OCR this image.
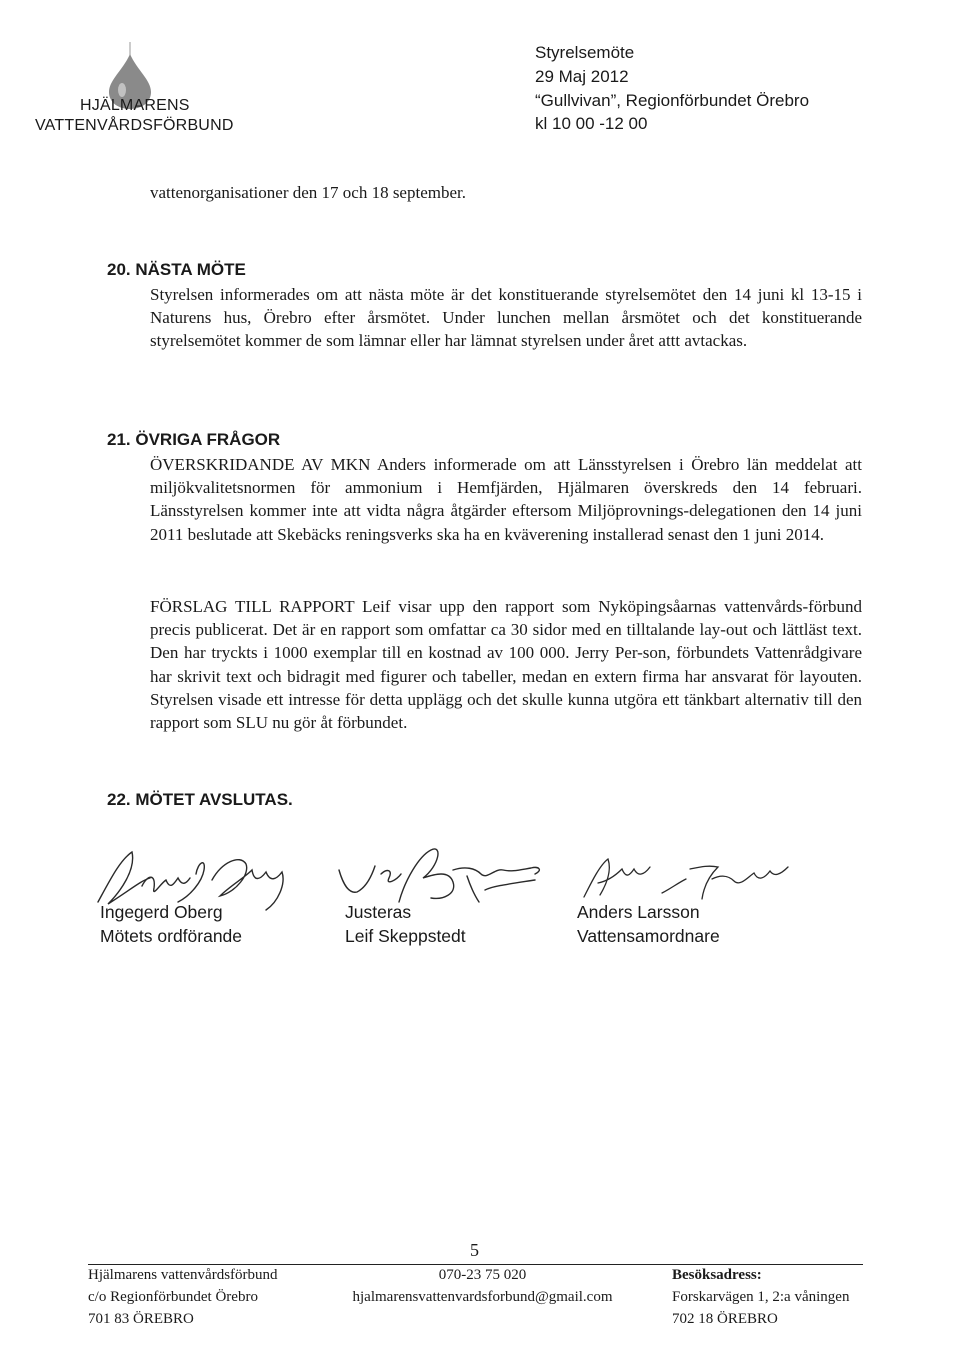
HJÄLMARENS
VATTENVÅRDSFÖRBUND
Styrelsemöte
29 Maj 2012
“Gullvivan”, Regionförbundet Örebro
kl 10 00 -12 00
vattenorganisationer den 17 och 18 september.
20. NÄSTA MÖTE
Styrelsen informerades om att nästa möte är det konstituerande styrelsemötet den 14 juni kl 13-15 i Naturens hus, Örebro efter årsmötet. Under lunchen mellan årsmötet och det konstituerande styrelsemötet kommer de som lämnar eller har lämnat styrelsen under året attt avtackas.
21. ÖVRIGA FRÅGOR
ÖVERSKRIDANDE AV MKN Anders informerade om att Länsstyrelsen i Örebro län meddelat att miljökvalitetsnormen för ammonium i Hemfjärden, Hjälmaren överskreds den 14 februari. Länsstyrelsen kommer inte att vidta några åtgärder eftersom Miljöprovnings-delegationen den 14 juni 2011 beslutade att Skebäcks reningsverks ska ha en kväverening installerad senast den 1 juni 2014.
FÖRSLAG TILL RAPPORT Leif visar upp den rapport som Nyköpingsåarnas vattenvårds-förbund precis publicerat. Det är en rapport som omfattar ca 30 sidor med en tilltalande lay-out och lättläst text. Den har tryckts i 1000 exemplar till en kostnad av 100 000. Jerry Per-son, förbundets Vattenrådgivare har skrivit text och bidragit med figurer och tabeller, medan en extern firma har ansvarat för layouten. Styrelsen visade ett intresse för detta upplägg och det skulle kunna utgöra ett tänkbart alternativ till den rapport som SLU nu gör åt förbundet.
22. MÖTET AVSLUTAS.
Ingegerd Oberg
Mötets ordförande
Justeras
Leif Skeppstedt
Anders Larsson
Vattensamordnare
5
Hjälmarens vattenvårdsförbund
c/o Regionförbundet Örebro
701 83 ÖREBRO
070-23 75 020
hjalmarensvattenvardsforbund@gmail.com
Besöksadress:
Forskarvägen 1, 2:a våningen
702 18 ÖREBRO
